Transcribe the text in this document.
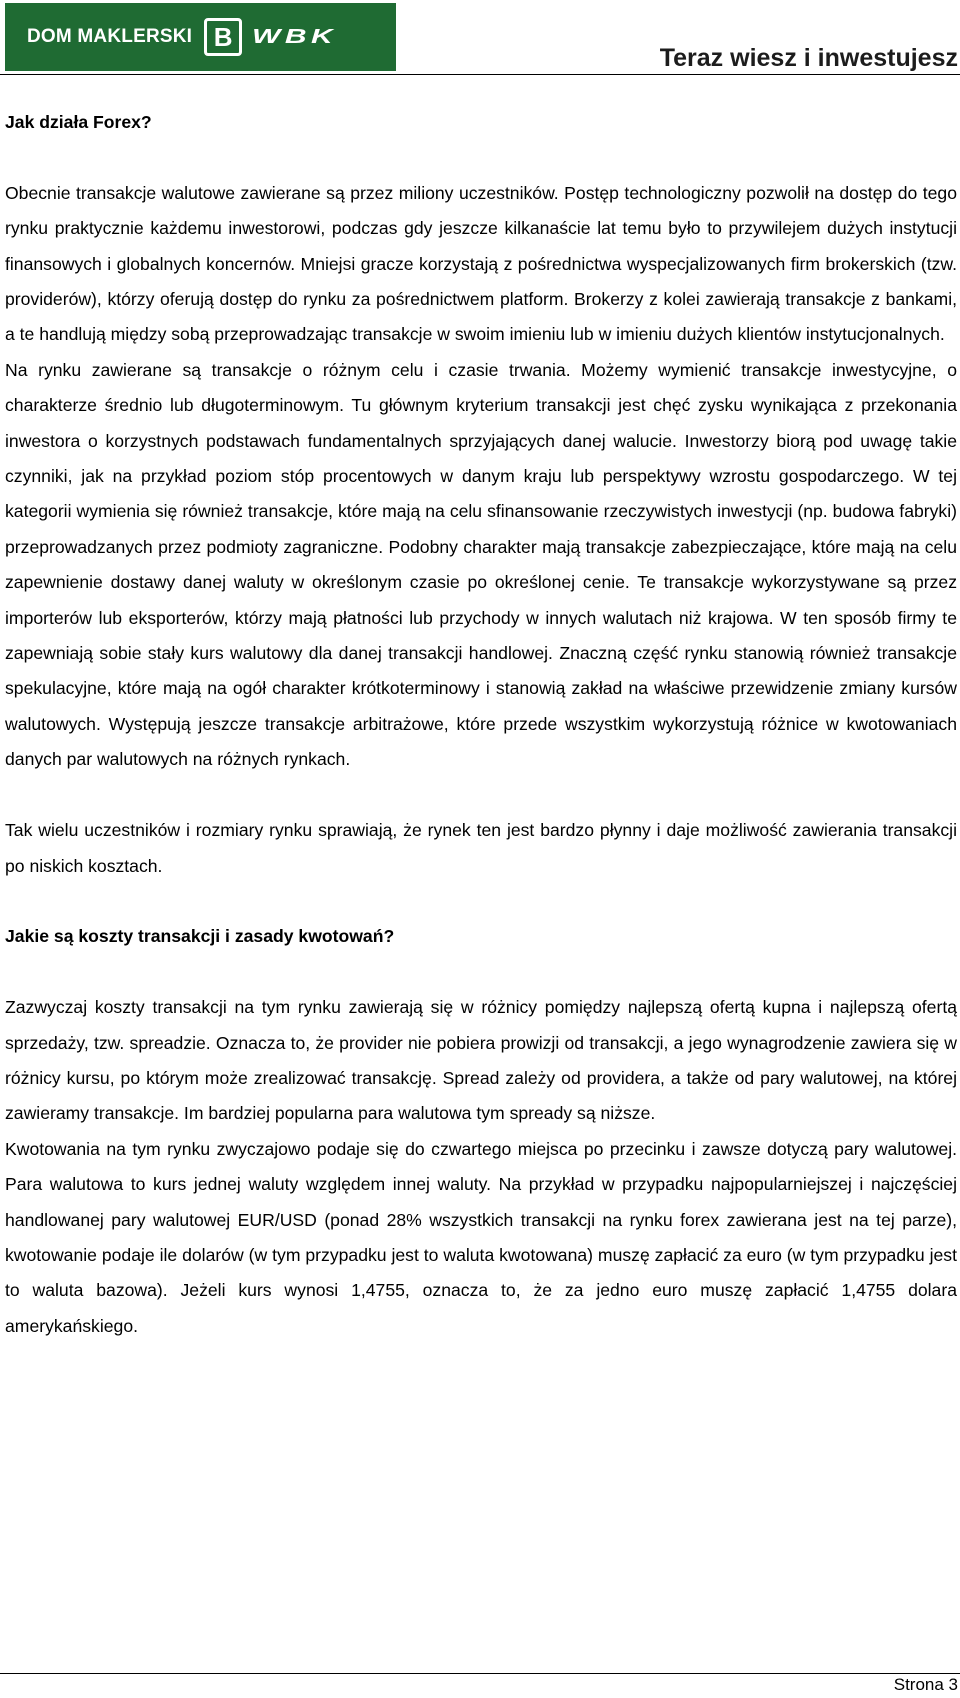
DOM MAKLERSKI B WBK
Teraz wiesz i inwestujesz
Jak działa Forex?

Obecnie transakcje walutowe zawierane są przez miliony uczestników. Postęp technologiczny pozwolił na dostęp do tego rynku praktycznie każdemu inwestorowi, podczas gdy jeszcze kilkanaście lat temu było to przywilejem dużych instytucji finansowych i globalnych koncernów. Mniejsi gracze korzystają z pośrednictwa wyspecjalizowanych firm brokerskich (tzw. providerów), którzy oferują dostęp do rynku za pośrednictwem platform. Brokerzy z kolei zawierają transakcje z bankami, a te handlują między sobą przeprowadzając transakcje w swoim imieniu lub w imieniu dużych klientów instytucjonalnych.

Na rynku zawierane są transakcje o różnym celu i czasie trwania. Możemy wymienić transakcje inwestycyjne, o charakterze średnio lub długoterminowym. Tu głównym kryterium transakcji jest chęć zysku wynikająca z przekonania inwestora o korzystnych podstawach fundamentalnych sprzyjających danej walucie. Inwestorzy biorą pod uwagę takie czynniki, jak na przykład poziom stóp procentowych w danym kraju lub perspektywy wzrostu gospodarczego. W tej kategorii wymienia się również transakcje, które mają na celu sfinansowanie rzeczywistych inwestycji (np. budowa fabryki) przeprowadzanych przez podmioty zagraniczne. Podobny charakter mają transakcje zabezpieczające, które mają na celu zapewnienie dostawy danej waluty w określonym czasie po określonej cenie. Te transakcje wykorzystywane są przez importerów lub eksporterów, którzy mają płatności lub przychody w innych walutach niż krajowa. W ten sposób firmy te zapewniają sobie stały kurs walutowy dla danej transakcji handlowej. Znaczną część rynku stanowią również transakcje spekulacyjne, które mają na ogół charakter krótkoterminowy i stanowią zakład na właściwe przewidzenie zmiany kursów walutowych. Występują jeszcze transakcje arbitrażowe, które przede wszystkim wykorzystują różnice w kwotowaniach danych par walutowych na różnych rynkach.

Tak wielu uczestników i rozmiary rynku sprawiają, że rynek ten jest bardzo płynny i daje możliwość zawierania transakcji po niskich kosztach.

Jakie są koszty transakcji i zasady kwotowań?

Zazwyczaj koszty transakcji na tym rynku zawierają się w różnicy pomiędzy najlepszą ofertą kupna i najlepszą ofertą sprzedaży, tzw. spreadzie. Oznacza to, że provider nie pobiera prowizji od transakcji, a jego wynagrodzenie zawiera się w różnicy kursu, po którym może zrealizować transakcję. Spread zależy od providera, a także od pary walutowej, na której zawieramy transakcje. Im bardziej popularna para walutowa tym spready są niższe.

Kwotowania na tym rynku zwyczajowo podaje się do czwartego miejsca po przecinku i zawsze dotyczą pary walutowej. Para walutowa to kurs jednej waluty względem innej waluty. Na przykład w przypadku najpopularniejszej i najczęściej handlowanej pary walutowej EUR/USD (ponad 28% wszystkich transakcji na rynku forex zawierana jest na tej parze), kwotowanie podaje ile dolarów (w tym przypadku jest to waluta kwotowana) muszę zapłacić za euro (w tym przypadku jest to waluta bazowa). Jeżeli kurs wynosi 1,4755, oznacza to, że za jedno euro muszę zapłacić 1,4755 dolara amerykańskiego.

Strona 3
